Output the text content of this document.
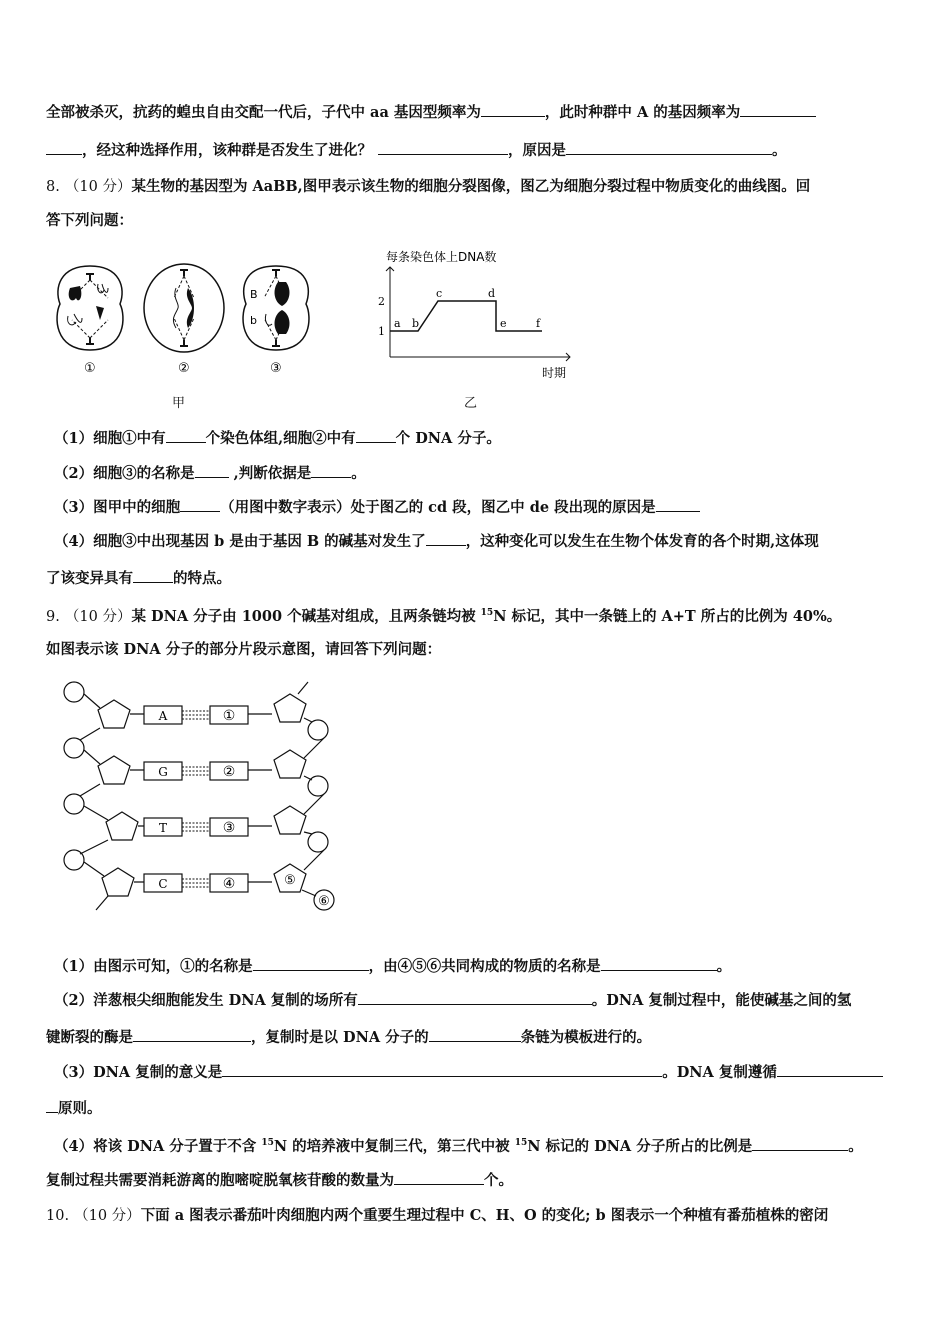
全部被杀灭，抗药的蝗虫自由交配一代后，子代中 aa 基因型频率为	，此时种群中 A 的基因频率为
，经这种选择作用，该种群是否发生了进化？	，原因是	。
8. （10 分）某生物的基因型为 AaBB,图甲表示该生物的细胞分裂图像，图乙为细胞分裂过程中物质变化的曲线图。回
答下列问题：
B
b
①	②	③
甲
每条染色体上DNA数
时期
1
2
a b
c	d
e	f
乙
（1）细胞①中有	个染色体组,细胞②中有	个 DNA 分子。
（2）细胞③的名称是 ,判断依据是	。
（3）图甲中的细胞	（用图中数字表示）处于图乙的 cd 段，图乙中 de 段出现的原因是
（4）细胞③中出现基因 b 是由于基因 B 的碱基对发生了	，这种变化可以发生在生物个体发育的各个时期,这体现
了该变异具有	的特点。
9. （10 分）某 DNA 分子由 1000 个碱基对组成，且两条链均被 $^{15}$N 标记，其中一条链上的 A+T 所占的比例为 40%。
如图表示该 DNA 分子的部分片段示意图，请回答下列问题：
A
G
T
C
①
②
③
④	⑤
⑥
（1）由图示可知，①的名称是	，由④⑤⑥共同构成的物质的名称是	。
（2）洋葱根尖细胞能发生 DNA 复制的场所有	。DNA 复制过程中，能使碱基之间的氢
键断裂的酶是	，复制时是以 DNA 分子的	条链为模板进行的。
（3）DNA 复制的意义是	。DNA 复制遵循
原则。
（4）将该 DNA 分子置于不含 $^{15}$N 的培养液中复制三代，第三代中被 $^{15}$N 标记的 DNA 分子所占的比例是	。
复制过程共需要消耗游离的胞嘧啶脱氧核苷酸的数量为	个。
10. （10 分）下面 a 图表示番茄叶肉细胞内两个重要生理过程中 C、H、O 的变化; b 图表示一个种植有番茄植株的密闭
